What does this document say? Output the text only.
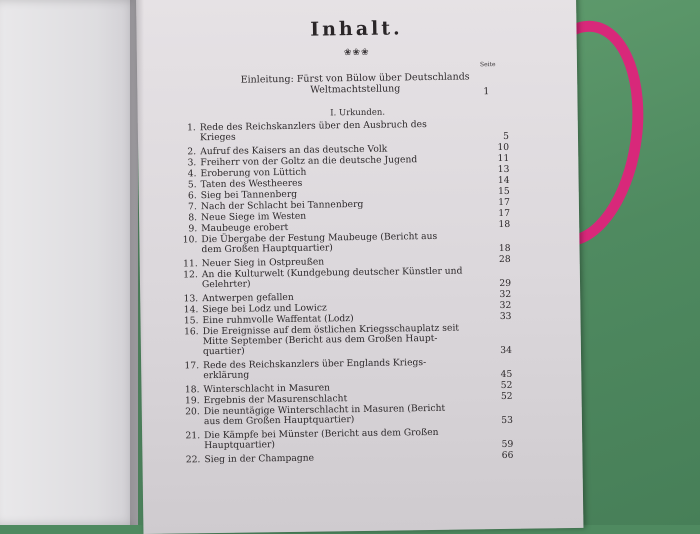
Inhalt.
❀❀❀
Seite
Einleitung: Fürst von Bülow über Deutschlands
Weltmachtstellung	1
I. Urkunden.
1. Rede des Reichskanzlers über den Ausbruch des
Krieges	5
2. Aufruf des Kaisers an das deutsche Volk	10
3. Freiherr von der Goltz an die deutsche Jugend	11
4. Eroberung von Lüttich	13
5. Taten des Westheeres	14
6. Sieg bei Tannenberg	15
7. Nach der Schlacht bei Tannenberg	17
8. Neue Siege im Westen	17
9. Maubeuge erobert	18
10. Die Übergabe der Festung Maubeuge (Bericht aus
dem Großen Hauptquartier)	18
11. Neuer Sieg in Ostpreußen	28
12. An die Kulturwelt (Kundgebung deutscher Künstler und
Gelehrter)	29
13. Antwerpen gefallen	32
14. Siege bei Lodz und Lowicz	32
15. Eine ruhmvolle Waffentat (Lodz)	33
16. Die Ereignisse auf dem östlichen Kriegsschauplatz seit
Mitte September (Bericht aus dem Großen Haupt-
quartier)	34
17. Rede des Reichskanzlers über Englands Kriegs-
erklärung	45
18. Winterschlacht in Masuren	52
19. Ergebnis der Masurenschlacht	52
20. Die neuntägige Winterschlacht in Masuren (Bericht
aus dem Großen Hauptquartier)	53
21. Die Kämpfe bei Münster (Bericht aus dem Großen
Hauptquartier)	59
22. Sieg in der Champagne	66
